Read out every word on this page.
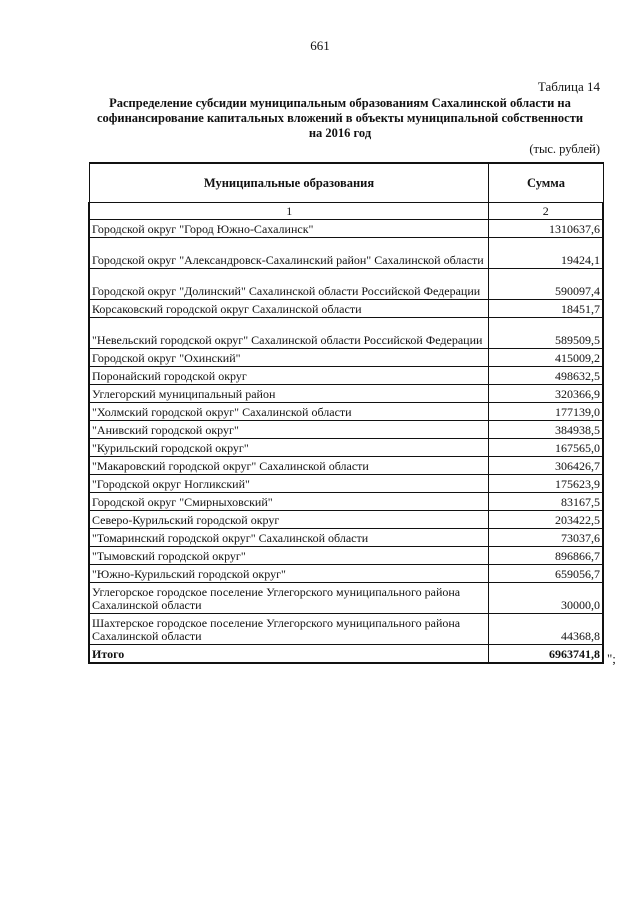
661
Таблица 14
Распределение субсидии муниципальным образованиям Сахалинской области на
софинансирование капитальных вложений в объекты муниципальной собственности
на 2016 год
(тыс. рублей)
Муниципальные образования	Сумма
1	2
Городской округ "Город Южно-Сахалинск"	1310637,6
Городской округ "Александровск-Сахалинский район" Сахалинской области	19424,1
Городской округ "Долинский" Сахалинской области Российской Федерации	590097,4
Корсаковский городской округ Сахалинской области	18451,7
"Невельский городской округ" Сахалинской области Российской Федерации	589509,5
Городской округ "Охинский"	415009,2
Поронайский городской округ	498632,5
Углегорский муниципальный район	320366,9
"Холмский городской округ" Сахалинской области	177139,0
"Анивский городской округ"	384938,5
"Курильский городской округ"	167565,0
"Макаровский городской округ" Сахалинской области	306426,7
"Городской округ Ногликский"	175623,9
Городской округ "Смирныховский"	83167,5
Северо-Курильский городской округ	203422,5
"Томаринский городской округ" Сахалинской области	73037,6
"Тымовский городской округ"	896866,7
"Южно-Курильский городской округ"	659056,7
Углегорское городское поселение Углегорского муниципального района Сахалинской области	30000,0
Шахтерское городское поселение Углегорского муниципального района Сахалинской области	44368,8
Итого	6963741,8 ";
